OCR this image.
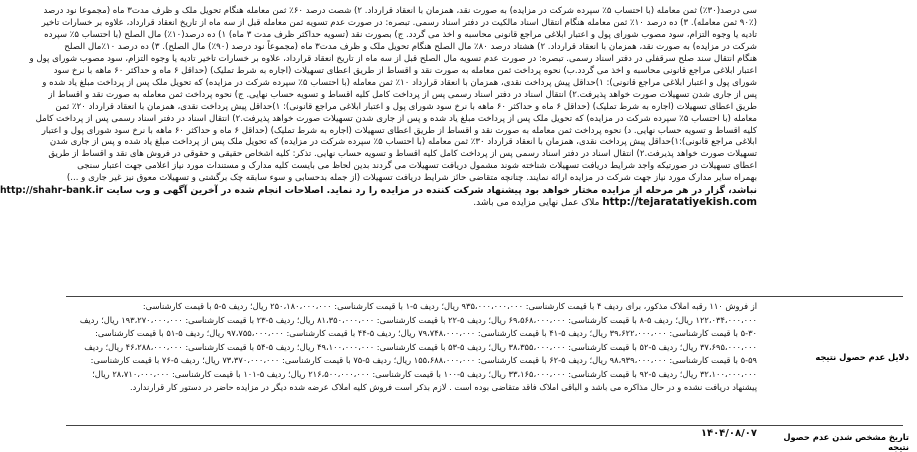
سی درصد(۳۰٪) ثمن معامله (با احتساب ۵٪ سپرده شرکت در مزایده) به صورت نقد، همزمان با انعقاد قرارداد. ۲) شصت درصد ۶۰٪ ثمن معامله هنگام تحویل ملک و ظرف مدت۳ ماه (مجموعا نود درصد

(۹۰٪ ثمن معامله). ۳) ده درصد ۱۰٪ ثمن معامله هنگام انتقال اسناد مالکیت در دفتر اسناد رسمی. تبصره: در صورت عدم تسویه ثمن معامله قبل از سه ماه از تاریخ انعقاد قرارداد، علاوه بر خسارات تاخیر

تادیه یا وجوه التزام، سود مصوب شورای پول و اعتبار ابلاغی مراجع قانونی محاسبه و اخذ می گردد. ج) بصورت نقد (تسویه حداکثر ظرف مدت ۳ ماه) ۱) ده درصد(۱۰٪) مال الصلح (با احتساب ۵٪ سپرده

شرکت در مزایده) به صورت نقد، همزمان با انعقاد قرارداد. ۲) هشتاد درصد ۸۰٪ مال الصلح هنگام تحویل ملک و ظرف مدت۳ ماه (مجموعاً نود درصد (۹۰٪) مال الصلح). ۳) ده درصد ۱۰٪مال الصلح

هنگام انتقال سند صلح سرقفلی در دفتر اسناد رسمی. تبصره: در صورت عدم تسویه مال الصلح قبل از سه ماه از تاریخ انعقاد قرارداد، علاوه بر خسارات تاخیر تادیه یا وجوه التزام، سود مصوب شورای پول و

اعتبار ابلاغی مراجع قانونی محاسبه و اخذ می گردد.ب) نحوه پرداخت ثمن معامله به صورت نقد و اقساط از طریق اعطای تسهیلات (اجاره به شرط تملیک) (حداقل ۶ ماه و حداکثر ۶۰ ماهه با نرخ سود

شورای پول و اعتبار ابلاغی مراجع قانونی): ۱)حداقل پیش پرداخت نقدی، همزمان با انعقاد قرارداد ۱۰٪ ثمن معامله (با احتساب ۵٪ سپرده شرکت در مزایده) که تحویل ملک پس از پرداخت مبلغ یاد شده و

پس از جاری شدن تسهیلات صورت خواهد پذیرفت.۲) انتقال اسناد در دفتر اسناد رسمی پس از پرداخت کامل کلیه اقساط و تسویه حساب نهایی. ج) نحوه پرداخت ثمن معامله به صورت نقد و اقساط از

طریق اعطای تسهیلات (اجاره به شرط تملیک) (حداقل ۶ ماه و حداکثر ۶۰ ماهه با نرخ سود شورای پول و اعتبار ابلاغی مراجع قانونی): ۱)حداقل پیش پرداخت نقدی، همزمان با انعقاد قرارداد ۲۰٪ ثمن

معامله (با احتساب ۵٪ سپرده شرکت در مزایده) که تحویل ملک پس از پرداخت مبلغ یاد شده و پس از جاری شدن تسهیلات صورت خواهد پذیرفت.۲) انتقال اسناد در دفتر اسناد رسمی پس از پرداخت کامل

کلیه اقساط و تسویه حساب نهایی. د) نحوه پرداخت ثمن معامله به صورت نقد و اقساط از طریق اعطای تسهیلات (اجاره به شرط تملیک) (حداقل ۶ ماه و حداکثر ۶۰ ماهه با نرخ سود شورای پول و اعتبار

ابلاغی مراجع قانونی):۱)حداقل پیش پرداخت نقدی، همزمان با انعقاد قرارداد ۳۰٪ ثمن معامله (با احتساب ۵٪ سپرده شرکت در مزایده) که تحویل ملک پس از پرداخت مبلغ یاد شده و پس از جاری شدن

تسهیلات صورت خواهد پذیرفت.۲) انتقال اسناد در دفتر اسناد رسمی پس از پرداخت کامل کلیه اقساط و تسویه حساب نهایی. تذکر: کلیه اشخاص حقیقی و حقوقی در فروش های نقد و اقساط از طریق

اعطای تسهیلات در صورتیکه واجد شرایط دریافت تسهیلات شناخته شوند مشمول دریافت تسهیلات می گردند بدین لحاظ می بایست کلیه مدارک و مستندات مورد نیاز اعلامی جهت اعتبار سنجی

بهمراه سایر مدارک مورد نیاز جهت شرکت در مزایده ارائه نمایند. چنانچه متقاضی حائز شرایط دریافت تسهیلات (از جمله بدحسابی و سوء سابقه چک برگشتی و تسهیلات معوق نیز غیر جاری و ...)

نباشد، گزار در هر مرحله از مزایده مختار خواهد بود پیشنهاد شرکت کننده در مزایده را رد نماید. اصلاحات انجام شده در آخرین آگهی و وب سایت http://shahr-bank.ir

http://tejaratatiyekish.com ملاک عمل نهایی مزایده می باشد.

دلایل عدم حصول نتیجه

از فروش ۱۱۰ رقبه املاک مذکور، برای ردیف ۴ با قیمت کارشناسی: ۹۳۵،۰۰۰،۰۰۰،۰۰۰ ریال؛ ردیف ۵-۱ با قیمت کارشناسی: ۲۵۰،۱۸۰،۰۰۰،۰۰۰ ریال؛ ردیف ۵-۵ با قیمت کارشناسی:

۱۲۲،۰۳۴،۰۰۰،۰۰۰ ریال؛ ردیف ۵-۸ با قیمت کارشناسی: ۶۹،۵۶۸،۰۰۰،۰۰۰ ریال؛ ردیف ۵-۲۲ با قیمت کارشناسی: ۸۱،۳۵۰،۰۰۰،۰۰۰ ریال؛ ردیف ۵-۲۳ با قیمت کارشناسی: ۱۹۳،۲۷۰،۰۰۰،۰۰۰ ریال؛ ردیف

۵-۳۰ با قیمت کارشناسی: ۳۹،۶۲۲،۰۰۰،۰۰۰ ریال؛ ردیف ۵-۴۱ با قیمت کارشناسی: ۷۹،۷۴۸،۰۰۰،۰۰۰ ریال؛ ردیف ۵-۴۴ با قیمت کارشناسی: ۹۷،۷۵۵،۰۰۰،۰۰۰ ریال؛ ردیف ۵-۵۱ با قیمت کارشناسی:

۳۷،۶۹۵،۰۰۰،۰۰۰ ریال؛ ردیف ۵-۵۲ با قیمت کارشناسی: ۳۸،۳۵۵،۰۰۰،۰۰۰ ریال؛ ردیف ۵-۵۳ با قیمت کارشناسی: ۴۹،۱۰۰،۰۰۰،۰۰۰ ریال؛ ردیف ۵-۵۴ با قیمت کارشناسی: ۴۶،۲۸۸،۰۰۰،۰۰۰ ریال؛ ردیف

۵-۵۹ با قیمت کارشناسی: ۹۸،۹۳۹،۰۰۰،۰۰۰ ریال؛ ردیف ۵-۶۲ با قیمت کارشناسی: ۱۵۵،۶۸۸،۰۰۰،۰۰۰ ریال؛ ردیف ۵-۷۵ با قیمت کارشناسی: ۷۳،۳۷۰،۰۰۰،۰۰۰ ریال؛ ردیف ۵-۷۶ با قیمت کارشناسی:

۳۲،۱۰۰،۰۰۰،۰۰۰ ریال؛ ردیف ۵-۹۲ با قیمت کارشناسی: ۳۳،۱۶۵،۰۰۰،۰۰۰ ریال؛ ردیف ۵-۱۰۰ با قیمت کارشناسی: ۲۱۶،۵۰۰،۰۰۰،۰۰۰ ریال؛ ردیف ۵-۱۰۱ با قیمت کارشناسی: ۲۸،۷۱۰،۰۰۰،۰۰۰ ریال؛

پیشنهاد دریافت نشده و در حال مذاکره می باشد و الباقی املاک فاقد متقاضی بوده است . لازم بذکر است فروش کلیه املاک عرضه شده دیگر در مزایده حاضر در دستور کار قرارندارد.

تاریخ مشخص شدن عدم حصول نتیجه
۱۴۰۴/۰۸/۰۷
